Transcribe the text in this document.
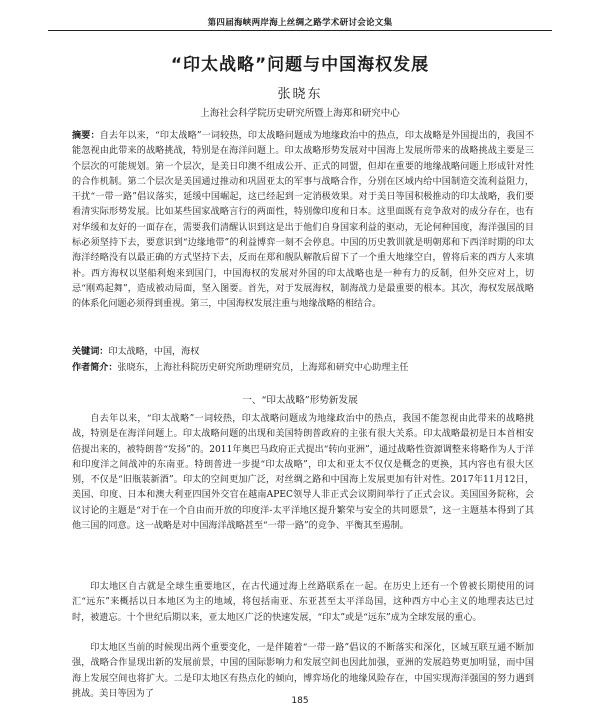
第四届海峡两岸海上丝绸之路学术研讨会论文集
“印太战略”问题与中国海权发展
张晓东
上海社会科学院历史研究所暨上海郑和研究中心

摘要：自去年以来，“印太战略”一词较热，印太战略问题成为地缘政治中的热点，印太战略是外国提出的，我国不能忽视由此带来的战略挑战，特别是在海洋问题上。印太战略形势发展对中国海上发展所带来的战略挑战主要是三个层次的可能规划。第一个层次，是美日印澳不组成公开、正式的同盟，但却在重要的地缘战略问题上形成针对性的合作机制。第二个层次是美国通过推动和巩固亚太的军事与战略合作，分别在区域内给中国制造交流利益阻力，干扰“一带一路”倡议落实，延缓中国崛起，这已经起到一定消极效果。对于美日等国积极推动的印太战略，我们要看清实际形势发展。比如某些国家战略言行的两面性，特别像印度和日本。这里面既有竞争敌对的成分存在，也有对华缓和友好的一面存在，需要我们清醒认识到这是出于他们自身国家利益的驱动，无论何种国度，海洋强国的目标必须坚持下去，要意识到“边缘地带”的利益博弈一刻不会停息。中国的历史教训就是明朝郑和下西洋时期的印太海洋经略没有以最正确的方式坚持下去，反而在郑和舰队解散后留下了一个重大地缘空白，曾将后来的西方人来填补。西方海权以坚船利炮来到国门，中国海权的发展对外国的印太战略也是一种有力的反制，但外交应对上，切忌“刚鸡起舞”，造成被动局面，坚入图要。首先，对于发展海权，制海战力是最重要的根本。其次，海权发展战略的体系化问题必须得到重视。第三，中国海权发展注重与地缘战略的相结合。

关键词：印太战略，中国，海权
作者简介：张晓东，上海社科院历史研究所助理研究员，上海郑和研究中心助理主任
一、“印太战略”形势新发展

自去年以来，“印太战略”一词较热，印太战略问题成为地缘政治中的热点，我国不能忽视由此带来的战略挑战，特别是在海洋问题上。印太战略问题的出现和美国特朗普政府的主张有很大关系。印太战略最初是日本首相安倍提出来的，被特朗普“发扬”的。2011年奥巴马政府正式提出“转向亚洲”，通过战略性资源调整来将略作为人于洋和印度洋之间战冲的东南亚。特朗普进一步提“印太战略”，印太和亚太不仅仅是概念的更换，其内容也有很大区别，不仅是“旧瓶装新酒”。印太的空间更加广泛，对丝绸之路和中国海上发展更加有针对性。2017年11月12日，美国、印度、日本和澳大利亚四国外交官在越南APEC领导人非正式会议期间举行了正式会议。美国国务院称，会议讨论的主题是“对于在一个自由而开放的印度洋-太平洋地区提升繁荣与安全的共同愿景”，这一主题基本得到了其他三国的同意。这一战略是对中国海洋战略甚至“一带一路”的竞争、平衡其至遏制。

印太地区自古就是全球生重要地区，在古代通过海上丝路联系在一起。在历史上还有一个曾被长期使用的词汇“远东”来概括以日本地区为主的地域，将包括南亚、东亚甚至太平洋岛国，这种西方中心主义的地理表达已过时，被遗忘。十个世纪后期以来，亚太地区广泛的快速发展，“印太”或是“远东”成为全球发展的重心。

印太地区当前的时候现出两个重要变化，一是伴随着“一带一路”倡议的不断落实和深化，区域互联互通不断加强，战略合作显现出新的发展前景，中国的国际影响力和发展空间也因此加强，亚洲的发展趋势更加明显，而中国海上发展空间也将扩大。二是印太地区有热点化的倾向，博弈场化的地缘风险存在，中国实现海洋强国的努力遇到挑战。美日等因为了

185
